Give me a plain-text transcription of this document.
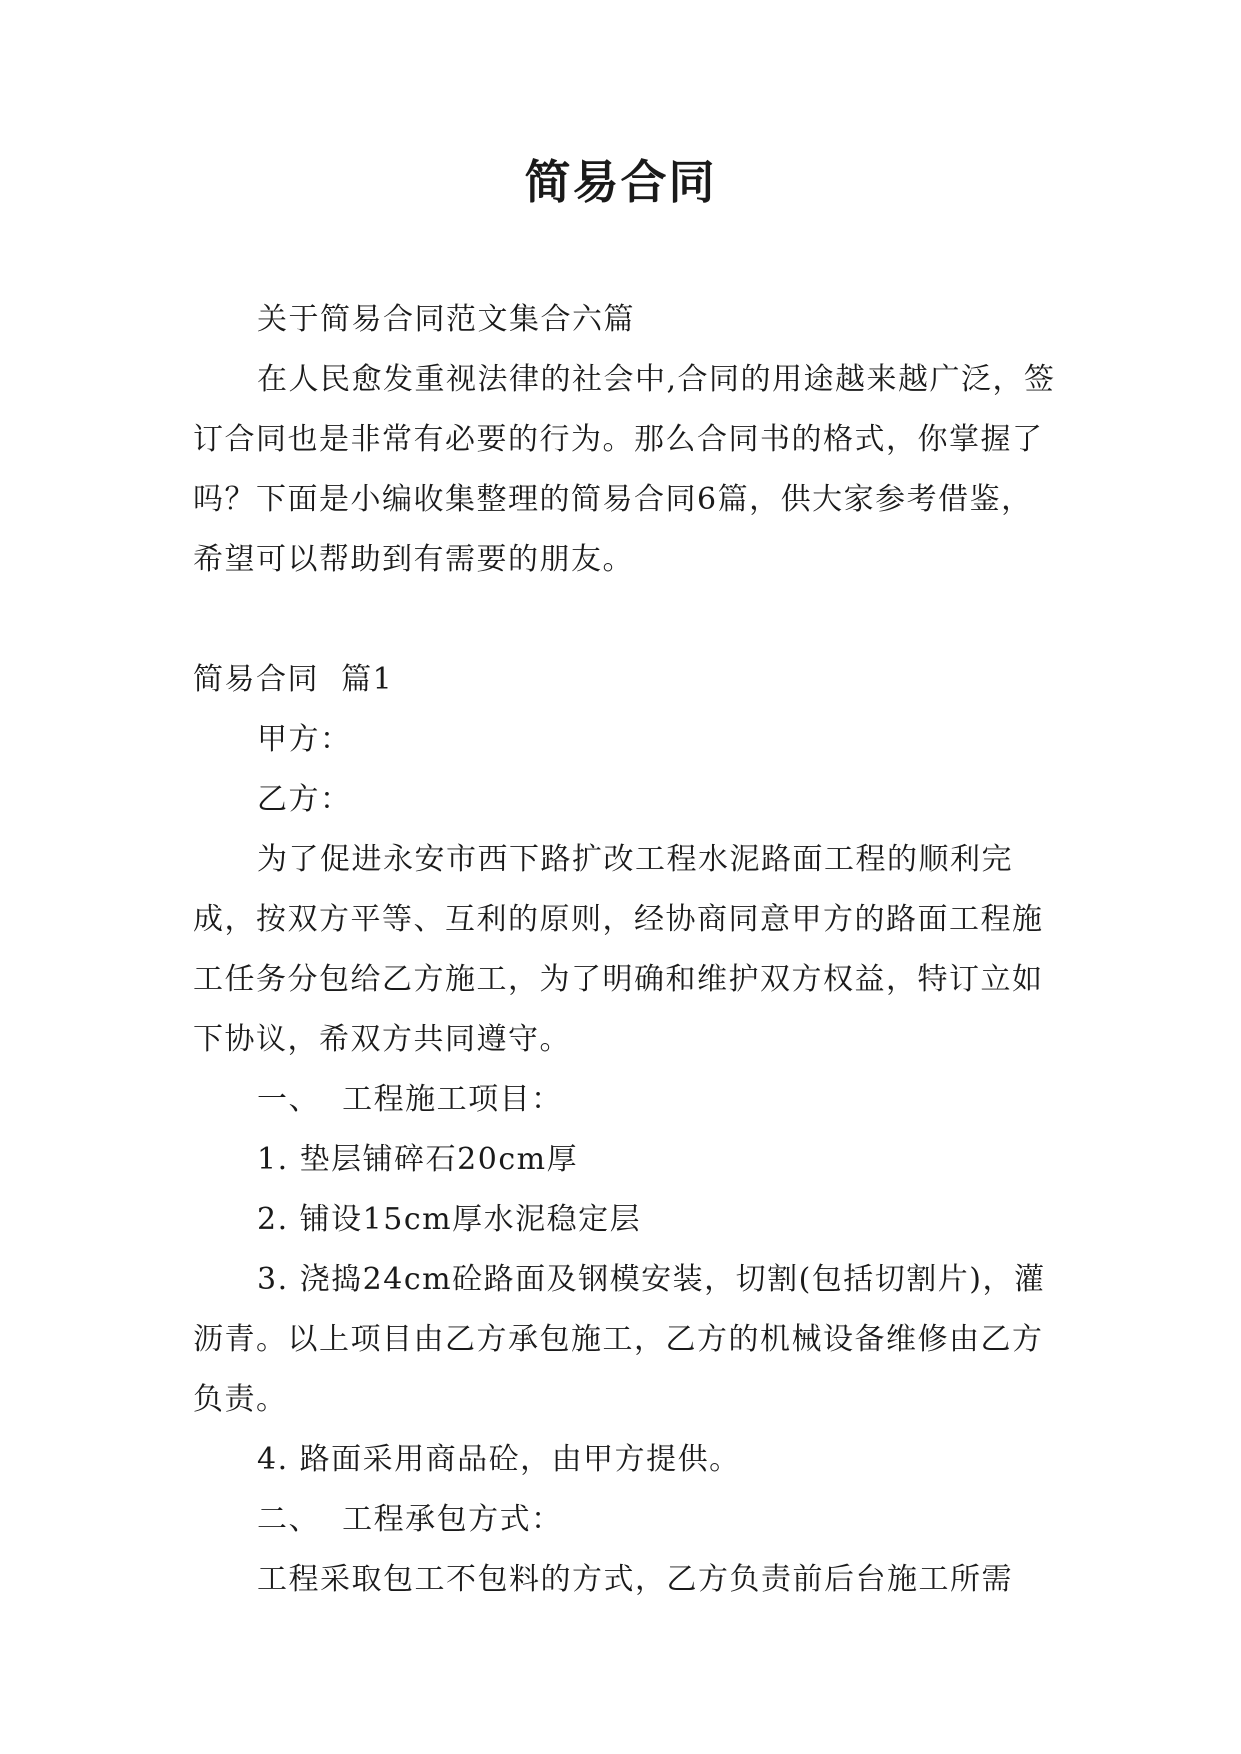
简易合同

关于简易合同范文集合六篇

在人民愈发重视法律的社会中,合同的用途越来越广泛，签订合同也是非常有必要的行为。那么合同书的格式，你掌握了吗？下面是小编收集整理的简易合同6篇，供大家参考借鉴，希望可以帮助到有需要的朋友。

简易合同  篇1

甲方：

乙方：

为了促进永安市西下路扩改工程水泥路面工程的顺利完成，按双方平等、互利的原则，经协商同意甲方的路面工程施工任务分包给乙方施工，为了明确和维护双方权益，特订立如下协议，希双方共同遵守。

一、  工程施工项目：

1. 垫层铺碎石20cm厚

2. 铺设15cm厚水泥稳定层

3. 浇捣24cm砼路面及钢模安装，切割(包括切割片)，灌沥青。以上项目由乙方承包施工，乙方的机械设备维修由乙方负责。

4. 路面采用商品砼，由甲方提供。

二、  工程承包方式：

工程采取包工不包料的方式，乙方负责前后台施工所需
